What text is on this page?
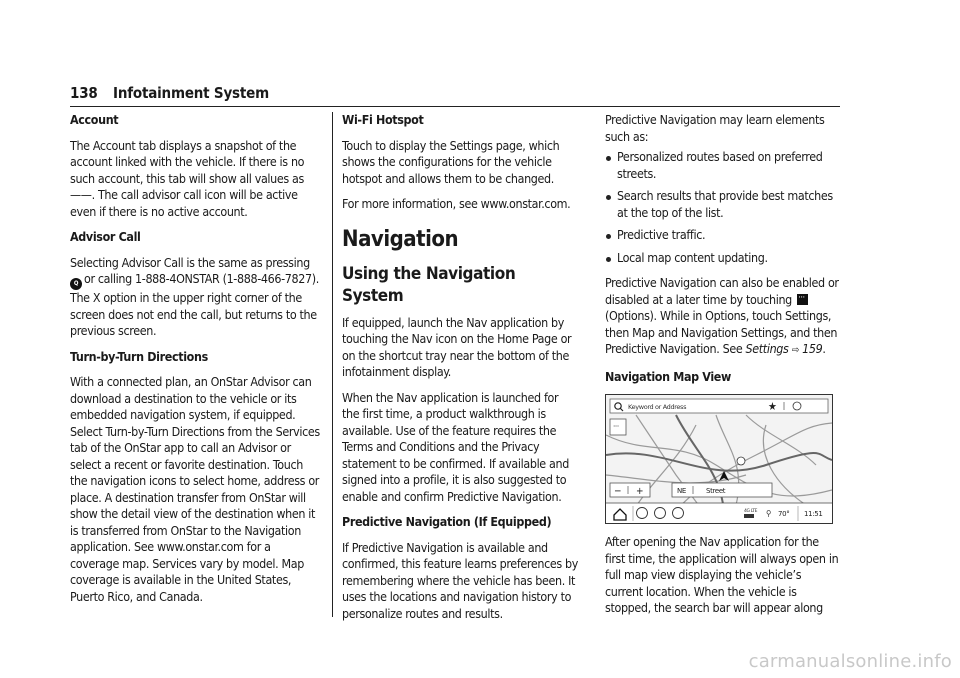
138 Infotainment System

Account

The Account tab displays a snapshot of the account linked with the vehicle. If there is no such account, this tab will show all values as ——. The call advisor call icon will be active even if there is no active account.

Advisor Call

Selecting Advisor Call is the same as pressing Q or calling 1-888-4ONSTAR (1-888-466-7827). The X option in the upper right corner of the screen does not end the call, but returns to the previous screen.

Turn-by-Turn Directions

With a connected plan, an OnStar Advisor can download a destination to the vehicle or its embedded navigation system, if equipped. Select Turn-by-Turn Directions from the Services tab of the OnStar app to call an Advisor or select a recent or favorite destination. Touch the navigation icons to select home, address or place. A destination transfer from OnStar will show the detail view of the destination when it is transferred from OnStar to the Navigation application. See www.onstar.com for a coverage map. Services vary by model. Map coverage is available in the United States, Puerto Rico, and Canada.

Wi-Fi Hotspot

Touch to display the Settings page, which shows the configurations for the vehicle hotspot and allows them to be changed.

For more information, see www.onstar.com.

Navigation
Using the Navigation System

If equipped, launch the Nav application by touching the Nav icon on the Home Page or on the shortcut tray near the bottom of the infotainment display.

When the Nav application is launched for the first time, a product walkthrough is available. Use of the feature requires the Terms and Conditions and the Privacy statement to be confirmed. If available and signed into a profile, it is also suggested to enable and confirm Predictive Navigation.

Predictive Navigation (If Equipped)

If Predictive Navigation is available and confirmed, this feature learns preferences by remembering where the vehicle has been. It uses the locations and navigation history to personalize routes and results.

Predictive Navigation may learn elements such as:

Personalized routes based on preferred streets.
Search results that provide best matches at the top of the list.
Predictive traffic.
Local map content updating.

Predictive Navigation can also be enabled or disabled at a later time by touching ··· (Options). While in Options, touch Settings, then Map and Navigation Settings, and then Predictive Navigation. See Settings ⇨ 159.

Navigation Map View

Keyword or Address	★
···
− +	NE	Street
4G LTE ⚲ 70° 11:51

After opening the Nav application for the first time, the application will always open in full map view displaying the vehicle’s current location. When the vehicle is stopped, the search bar will appear along

carmanualsonline.info
